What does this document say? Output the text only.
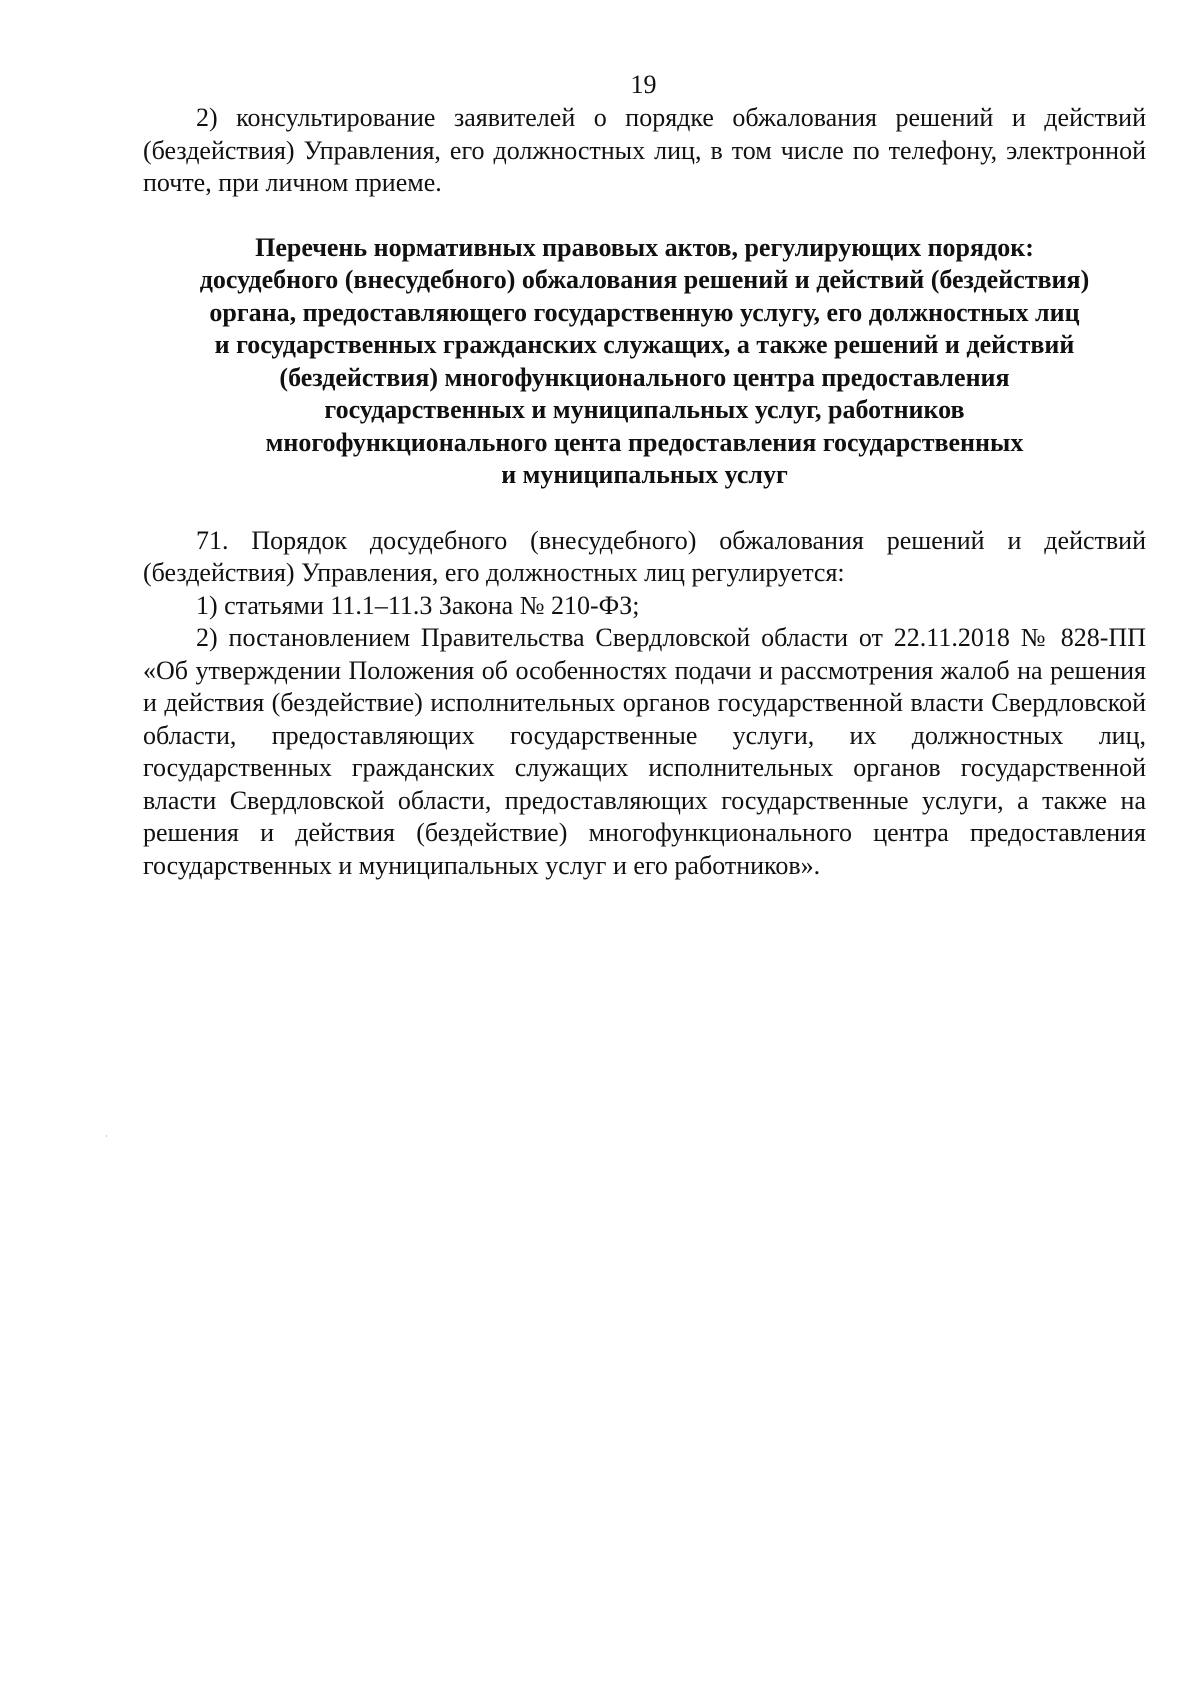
19

2) консультирование заявителей о порядке обжалования решений и действий (бездействия) Управления, его должностных лиц, в том числе по телефону, электронной почте, при личном приеме.

Перечень нормативных правовых актов, регулирующих порядок:
досудебного (внесудебного) обжалования решений и действий (бездействия)
органа, предоставляющего государственную услугу, его должностных лиц
и государственных гражданских служащих, а также решений и действий
(бездействия) многофункционального центра предоставления
государственных и муниципальных услуг, работников
многофункционального цента предоставления государственных
и муниципальных услуг

71. Порядок досудебного (внесудебного) обжалования решений и действий (бездействия) Управления, его должностных лиц регулируется:

1) статьями 11.1–11.3 Закона № 210-ФЗ;

2) постановлением Правительства Свердловской области от 22.11.2018 № 828-ПП «Об утверждении Положения об особенностях подачи и рассмотрения жалоб на решения и действия (бездействие) исполнительных органов государственной власти Свердловской области, предоставляющих государственные услуги, их должностных лиц, государственных гражданских служащих исполнительных органов государственной власти Свердловской области, предоставляющих государственные услуги, а также на решения и действия (бездействие) многофункционального центра предоставления государственных и муниципальных услуг и его работников».
